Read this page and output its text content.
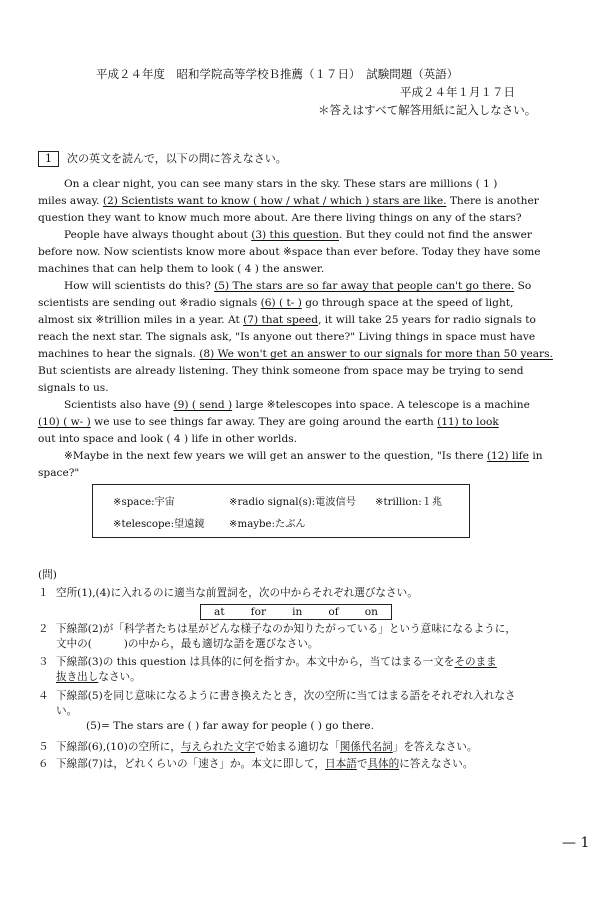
平成２４年度　昭和学院高等学校Ｂ推薦（１７日）　試験問題（英語）
平成２４年１月１７日
＊答えはすべて解答用紙に記入しなさい。
1 次の英文を読んで，以下の問に答えなさい。
On a clear night, you can see many stars in the sky. These stars are millions ( 1 )
miles away. (2) Scientists want to know ( how / what / which ) stars are like. There is another
question they want to know much more about. Are there living things on any of the stars?
People have always thought about (3) this question. But they could not find the answer
before now. Now scientists know more about ※space than ever before. Today they have some
machines that can help them to look ( 4 ) the answer.
How will scientists do this? (5) The stars are so far away that people can't go there. So
scientists are sending out ※radio signals (6) ( t- ) go through space at the speed of light,
almost six ※trillion miles in a year. At (7) that speed, it will take 25 years for radio signals to
reach the next star. The signals ask, "Is anyone out there?" Living things in space must have
machines to hear the signals. (8) We won't get an answer to our signals for more than 50 years.
But scientists are already listening. They think someone from space may be trying to send
signals to us.
Scientists also have (9) ( send ) large ※telescopes into space. A telescope is a machine
(10) ( w- ) we use to see things far away. They are going around the earth (11) to look
out into space and look ( 4 ) life in other worlds.
※Maybe in the next few years we will get an answer to the question, "Is there (12) life in
space?"
※space:宇宙	※radio signal(s):電波信号 ※trillion:１兆
※telescope:望遠鏡 ※maybe:たぶん
(問)
１ 空所(1),(4)に入れるのに適当な前置詞を，次の中からそれぞれ選びなさい。
at for in of on
２ 下線部(2)が「科学者たちは星がどんな様子なのか知りたがっている」という意味になるように，
文中の(　　　)の中から，最も適切な語を選びなさい。
３ 下線部(3)の this question は具体的に何を指すか。本文中から，当てはまる一文をそのまま
抜き出しなさい。
４ 下線部(5)を同じ意味になるように書き換えたとき，次の空所に当てはまる語をそれぞれ入れなさ
い。
(5)= The stars are ( ) far away for people ( ) go there.
５ 下線部(6),(10)の空所に，与えられた文字で始まる適切な「関係代名詞」を答えなさい。
６ 下線部(7)は，どれくらいの「速さ」か。本文に即して，日本語で具体的に答えなさい。
— 1
